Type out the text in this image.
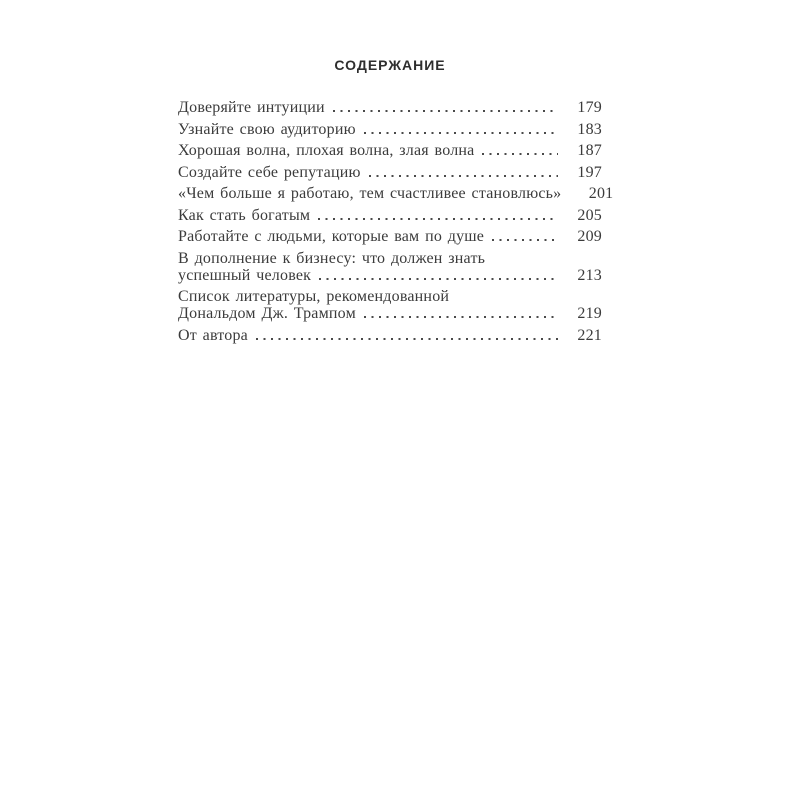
СОДЕРЖАНИЕ
Доверяйте интуиции	179
Узнайте свою аудиторию	183
Хорошая волна, плохая волна, злая волна	187
Создайте себе репутацию	197
«Чем больше я работаю, тем счастливее становлюсь» 201
Как стать богатым	205
Работайте с людьми, которые вам по душе	209
В дополнение к бизнесу: что должен знать
успешный человек	213
Список литературы, рекомендованной
Дональдом Дж. Трампом	219
От автора	221
